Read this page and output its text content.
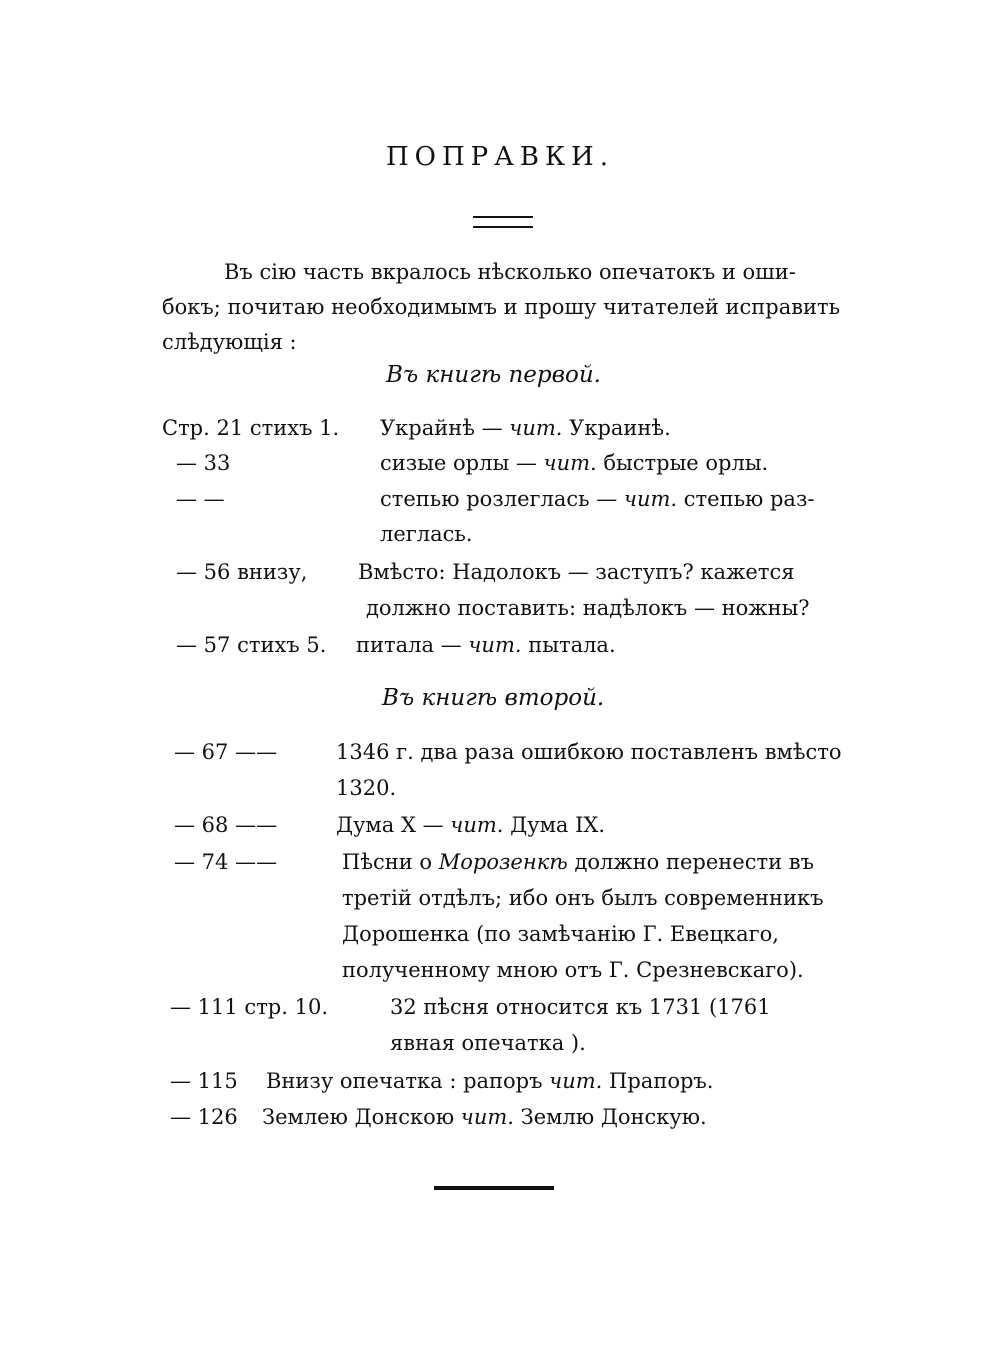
ПОПРАВКИ.
Въ сію часть вкралось нѣсколько опечатокъ и оши-
бокъ; почитаю необходимымъ и прошу читателей исправить
слѣдующія :
Въ книгѣ первой.
Стр. 21 стихъ 1. Украйнѣ — чит. Украинѣ.
— 33	сизые орлы — чит. быстрые орлы.
— —	степью розлеглась — чит. степью раз-
леглась.
— 56 внизу, Вмѣсто: Надолокъ — заступъ? кажется
должно поставить: надѣлокъ — ножны?
— 57 стихъ 5. питала — чит. пытала.
Въ книгѣ второй.
— 67 ——	1346 г. два раза ошибкою поставленъ вмѣсто
1320.
— 68 ——	Дума X — чит. Дума IX.
— 74 ——	Пѣсни о Морозенкѣ должно перенести въ
третій отдѣлъ; ибо онъ былъ современникъ
Дорошенка (по замѣчанію Г. Евецкаго,
полученному мною отъ Г. Срезневскаго).
— 111 стр. 10.	32 пѣсня относится къ 1731 (1761
явная опечатка ).
— 115 Внизу опечатка : рапоръ чит. Прапоръ.
— 126 Землею Донскою чит. Землю Донскую.
